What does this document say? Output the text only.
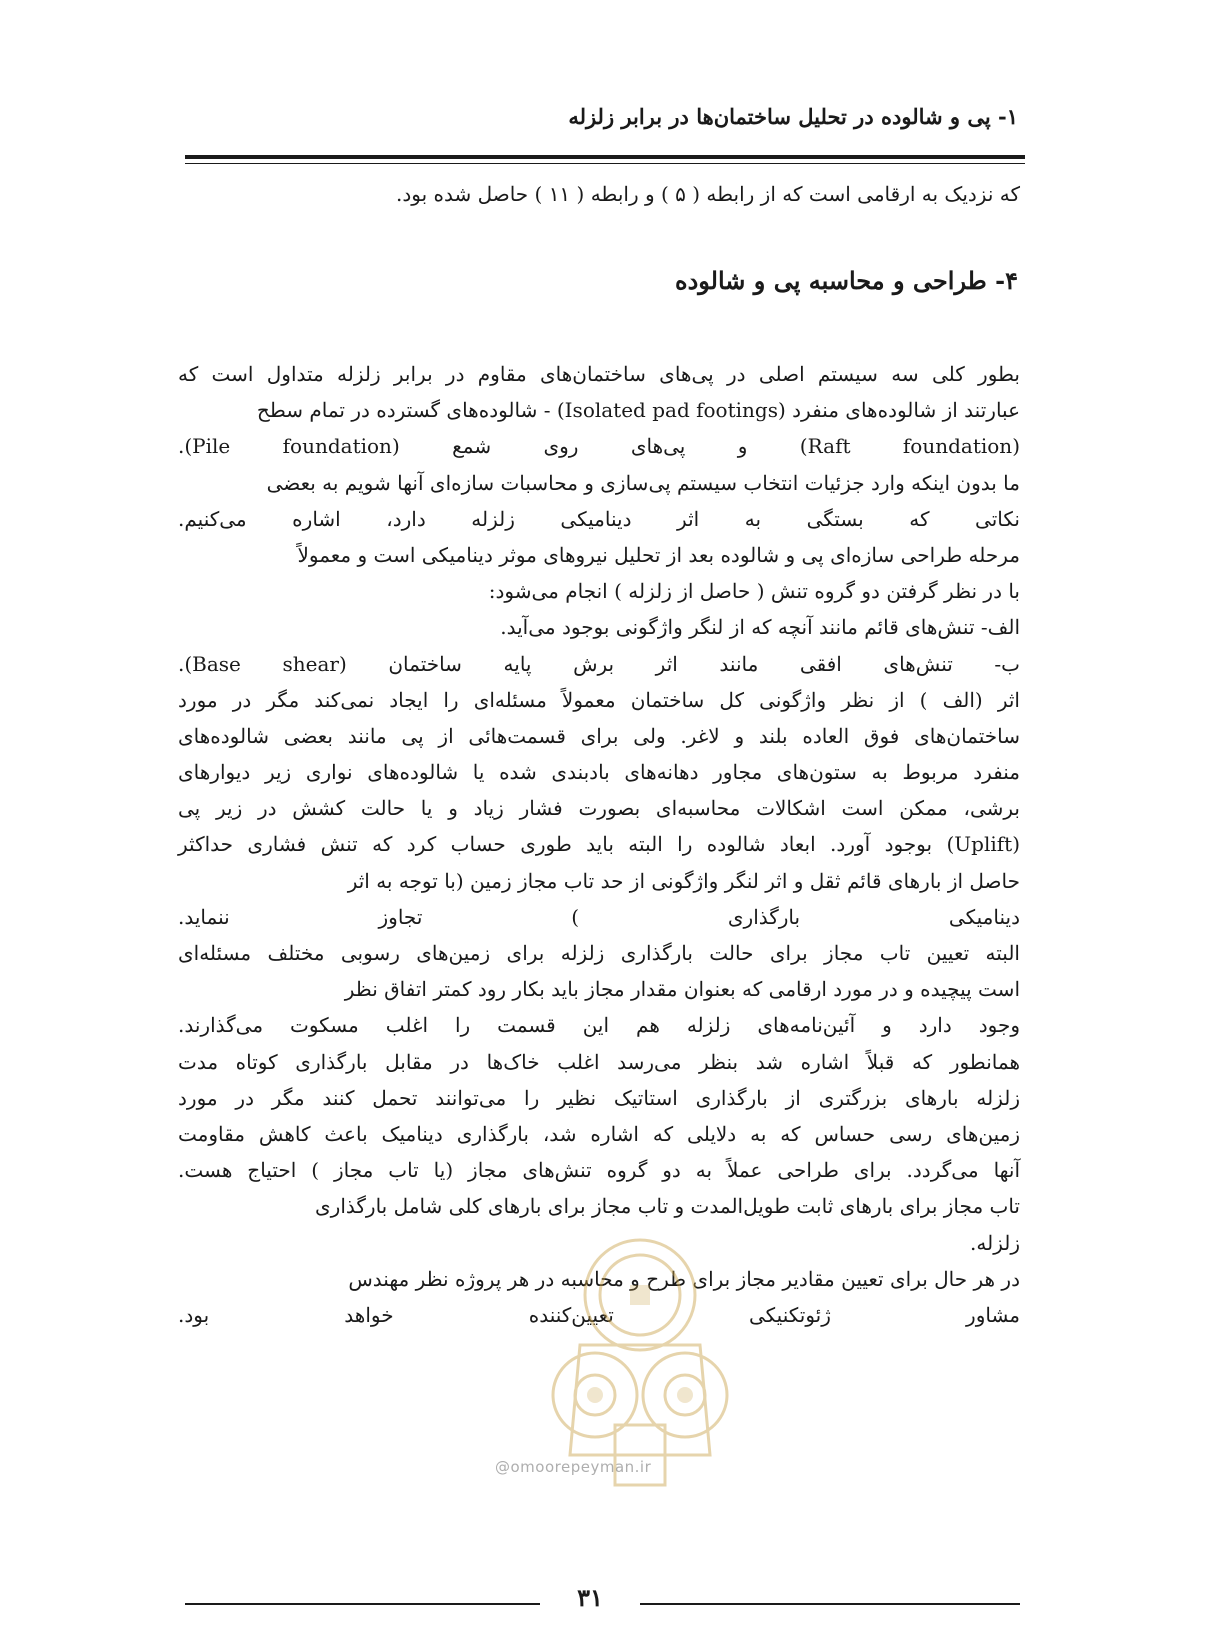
۱- پی و شالوده در تحلیل ساختمان‌ها در برابر زلزله
که نزدیک به ارقامی است که از رابطه ( ۵ ) و رابطه ( ۱۱ ) حاصل شده بود.
۴- طراحی و محاسبه پی و شالوده
بطور کلی سه سیستم اصلی در پی‌های ساختمان‌های مقاوم در برابر زلزله متداول است که
عبارتند از شالوده‌های منفرد (Isolated pad footings) - شالوده‌های گسترده در تمام سطح
(Raft foundation) و پی‌های روی شمع (Pile foundation).
ما بدون اینکه وارد جزئیات انتخاب سیستم پی‌سازی و محاسبات سازه‌ای آنها شویم به بعضی
نکاتی که بستگی به اثر دینامیکی زلزله دارد، اشاره می‌کنیم.
مرحله طراحی سازه‌ای پی و شالوده بعد از تحلیل نیروهای موثر دینامیکی است و معمولاً
با در نظر گرفتن دو گروه تنش ( حاصل از زلزله ) انجام می‌شود:
الف- تنش‌های قائم مانند آنچه که از لنگر واژگونی بوجود می‌آید.
ب- تنش‌های افقی مانند اثر برش پایه ساختمان (Base shear).
اثر (الف ) از نظر واژگونی کل ساختمان معمولاً مسئله‌ای را ایجاد نمی‌کند مگر در مورد
ساختمان‌های فوق العاده بلند و لاغر. ولی برای قسمت‌هائی از پی مانند بعضی شالوده‌های
منفرد مربوط به ستون‌های مجاور دهانه‌های بادبندی شده یا شالوده‌های نواری زیر دیوارهای
برشی، ممکن است اشکالات محاسبه‌ای بصورت فشار زیاد و یا حالت کشش در زیر پی
(Uplift) بوجود آورد. ابعاد شالوده را البته باید طوری حساب کرد که تنش فشاری حداکثر
حاصل از بارهای قائم ثقل و اثر لنگر واژگونی از حد تاب مجاز زمین (با توجه به اثر
دینامیکی بارگذاری ) تجاوز ننماید.
البته تعیین تاب مجاز برای حالت بارگذاری زلزله برای زمین‌های رسوبی مختلف مسئله‌ای
است پیچیده و در مورد ارقامی که بعنوان مقدار مجاز باید بکار رود کمتر اتفاق نظر
وجود دارد و آئین‌نامه‌های زلزله هم این قسمت را اغلب مسکوت می‌گذارند.
همانطور که قبلاً اشاره شد بنظر می‌رسد اغلب خاک‌ها در مقابل بارگذاری کوتاه مدت
زلزله بارهای بزرگتری از بارگذاری استاتیک نظیر را می‌توانند تحمل کنند مگر در مورد
زمین‌های رسی حساس که به دلایلی که اشاره شد، بارگذاری دینامیک باعث کاهش مقاومت
آنها می‌گردد. برای طراحی عملاً به دو گروه تنش‌های مجاز (یا تاب مجاز ) احتیاج هست.
تاب مجاز برای بارهای ثابت طویل‌المدت و تاب مجاز برای بارهای کلی شامل بارگذاری
زلزله.
در هر حال برای تعیین مقادیر مجاز برای طرح و محاسبه در هر پروژه نظر مهندس
مشاور ژئوتکنیکی تعیین‌کننده خواهد بود.
@omoorepeyman.ir
۳۱
